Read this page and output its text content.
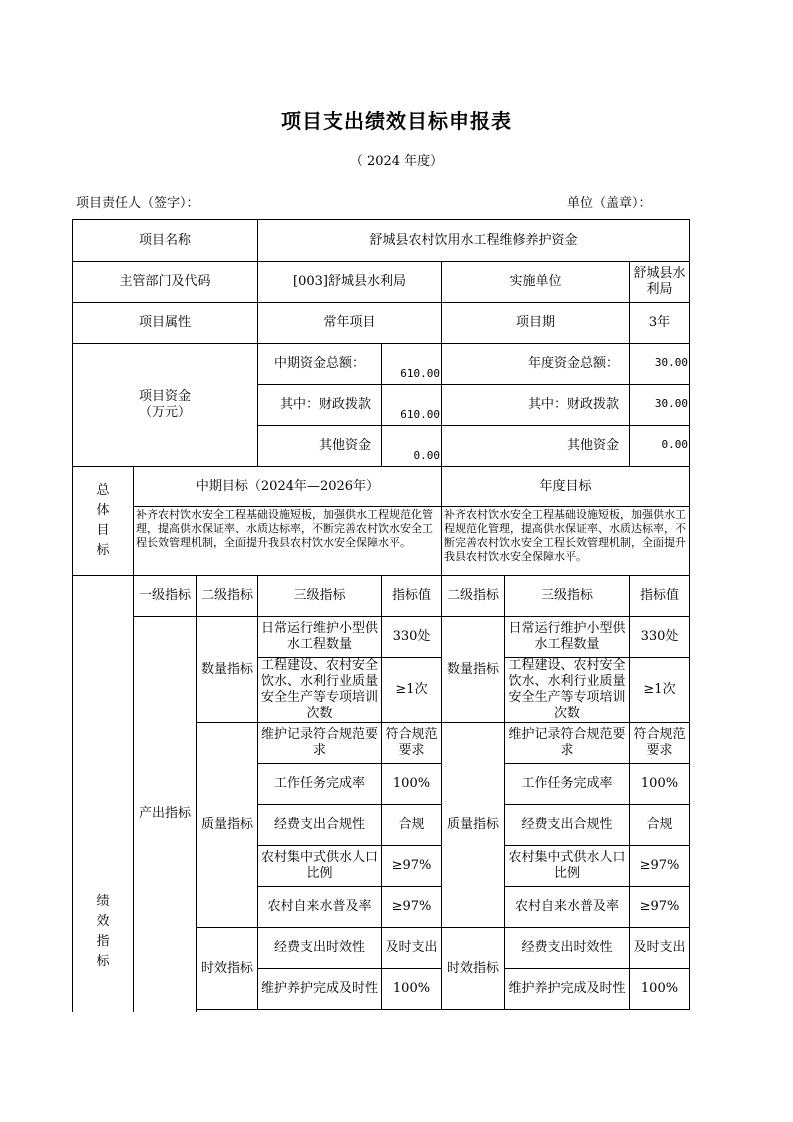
项目支出绩效目标申报表
（ 2024 年度）
项目责任人（签字）：	单位（盖章）：
项目名称			舒城县农村饮用水工程维修养护资金				
主管部门及代码			[003]舒城县水利局		实施单位		舒城县水利局
项目属性			常年项目		项目期		3年

项目资金
（万元）			中期资金总额：	610.00	年度资金总额：		30.00
			其中：财政拨款	610.00	其中：财政拨款		30.00
			其他资金	0.00	其他资金		0.00

总体目标	中期目标（2024年—2026年）				年度目标		
	补齐农村饮水安全工程基础设施短板，加强供水工程规范化管理，提高供水保证率、水质达标率，不断完善农村饮水安全工程长效管理机制，全面提升我县农村饮水安全保障水平。				补齐农村饮水安全工程基础设施短板，加强供水工程规范化管理，提高供水保证率、水质达标率，不断完善农村饮水安全工程长效管理机制，全面提升我县农村饮水安全保障水平。		

绩效指标	一级指标	二级指标	三级指标	指标值	二级指标	三级指标	指标值
	产出指标	数量指标	日常运行维护小型供水工程数量	330处	数量指标	日常运行维护小型供水工程数量	330处
			工程建设、农村安全饮水、水利行业质量安全生产等专项培训次数	≥1次		工程建设、农村安全饮水、水利行业质量安全生产等专项培训次数	≥1次
		质量指标	维护记录符合规范要求	符合规范要求	质量指标	维护记录符合规范要求	符合规范要求
			工作任务完成率	100%		工作任务完成率	100%
			经费支出合规性	合规		经费支出合规性	合规
			农村集中式供水人口比例	≥97%		农村集中式供水人口比例	≥97%
			农村自来水普及率	≥97%		农村自来水普及率	≥97%
		时效指标	经费支出时效性	及时支出	时效指标	经费支出时效性	及时支出
			维护养护完成及时性	100%		维护养护完成及时性	100%
